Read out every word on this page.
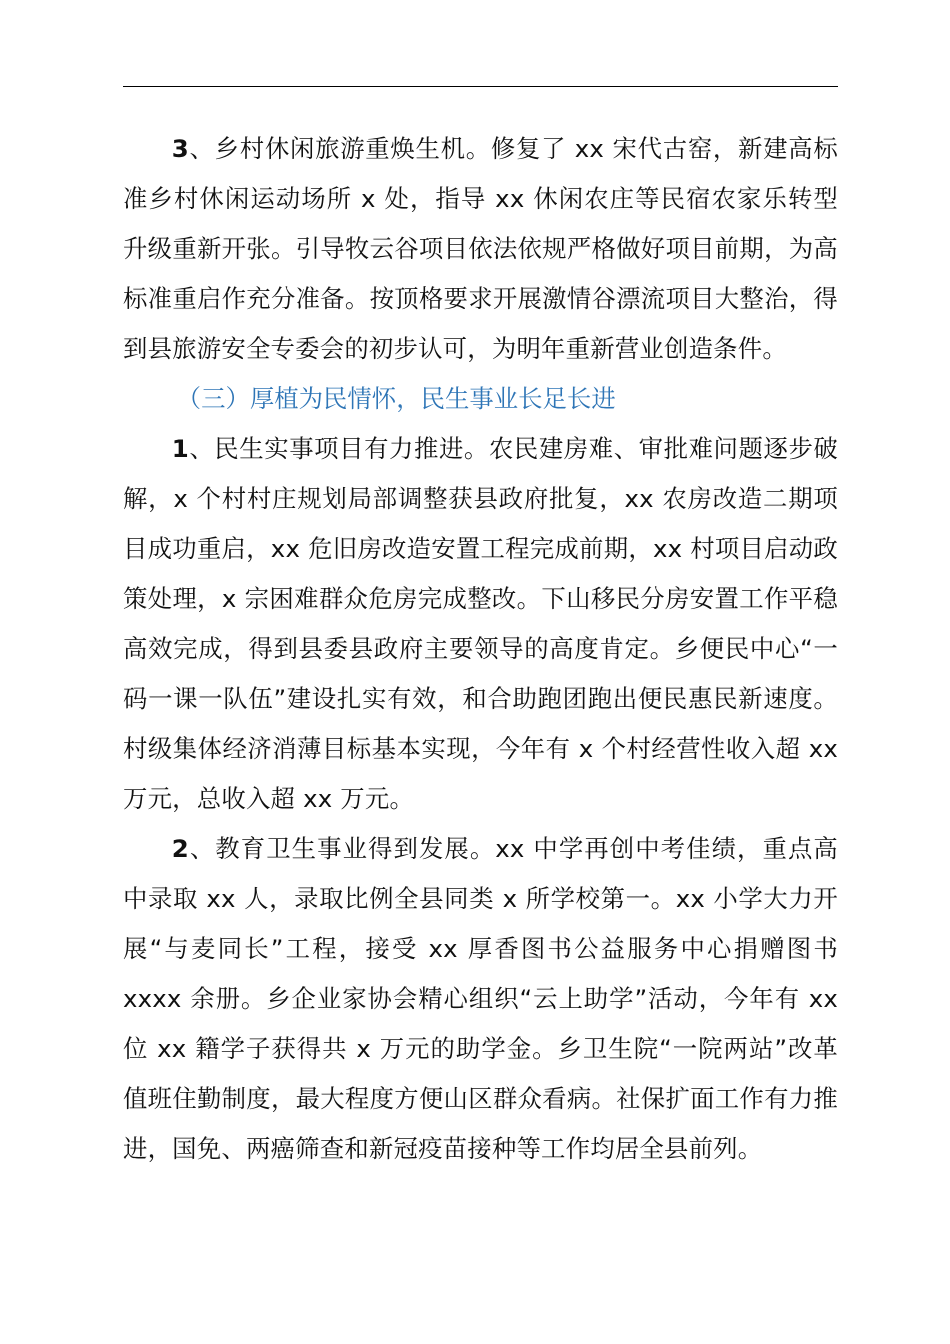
3、乡村休闲旅游重焕生机。修复了 xx 宋代古窑，新建高标准乡村休闲运动场所 x 处，指导 xx 休闲农庄等民宿农家乐转型升级重新开张。引导牧云谷项目依法依规严格做好项目前期，为高标准重启作充分准备。按顶格要求开展激情谷漂流项目大整治，得到县旅游安全专委会的初步认可，为明年重新营业创造条件。

（三）厚植为民情怀，民生事业长足长进

1、民生实事项目有力推进。农民建房难、审批难问题逐步破解，x 个村村庄规划局部调整获县政府批复，xx 农房改造二期项目成功重启，xx 危旧房改造安置工程完成前期，xx 村项目启动政策处理，x 宗困难群众危房完成整改。下山移民分房安置工作平稳高效完成，得到县委县政府主要领导的高度肯定。乡便民中心“一码一课一队伍”建设扎实有效，和合助跑团跑出便民惠民新速度。村级集体经济消薄目标基本实现，今年有 x 个村经营性收入超 xx 万元，总收入超 xx 万元。

2、教育卫生事业得到发展。xx 中学再创中考佳绩，重点高中录取 xx 人，录取比例全县同类 x 所学校第一。xx 小学大力开展“与麦同长”工程，接受 xx 厚香图书公益服务中心捐赠图书 xxxx 余册。乡企业家协会精心组织“云上助学”活动，今年有 xx 位 xx 籍学子获得共 x 万元的助学金。乡卫生院“一院两站”改革值班住勤制度，最大程度方便山区群众看病。社保扩面工作有力推进，国免、两癌筛查和新冠疫苗接种等工作均居全县前列。
